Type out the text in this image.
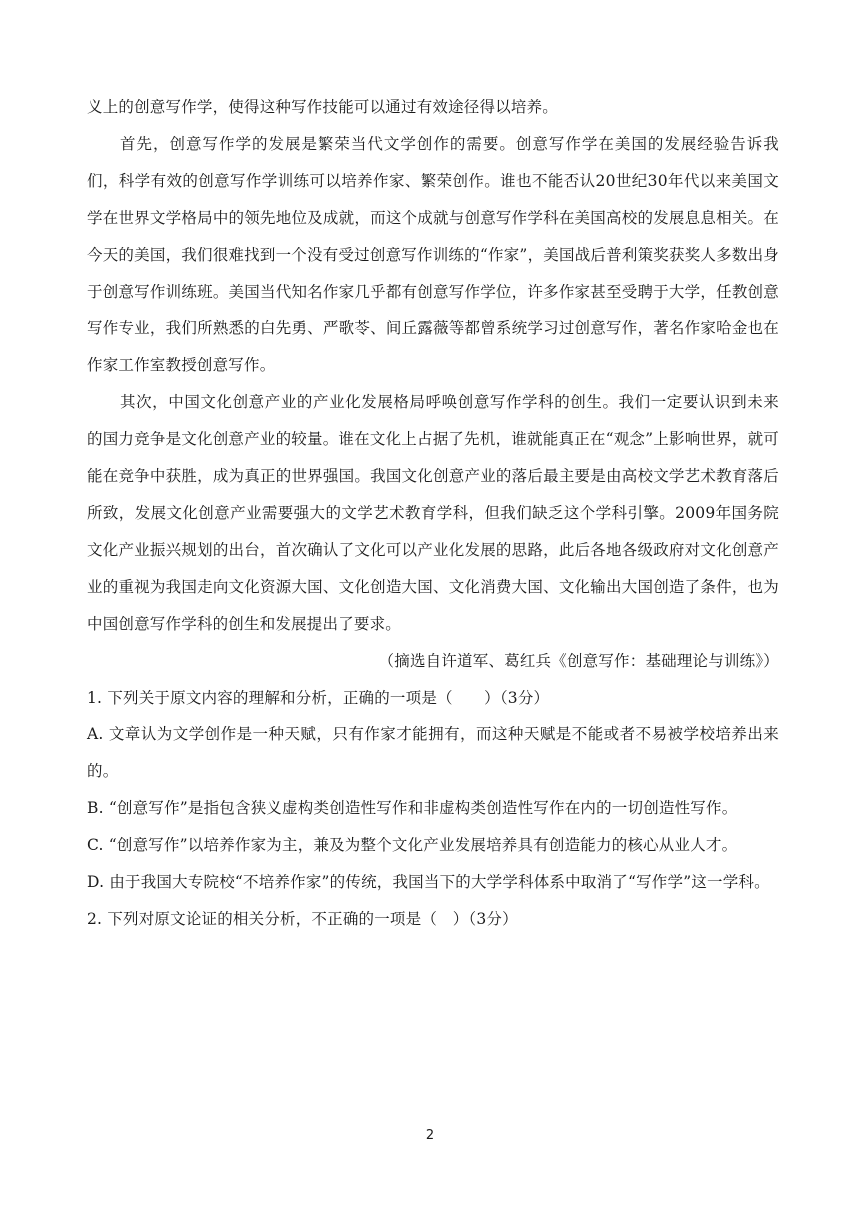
义上的创意写作学，使得这种写作技能可以通过有效途径得以培养。

首先，创意写作学的发展是繁荣当代文学创作的需要。创意写作学在美国的发展经验告诉我们，科学有效的创意写作学训练可以培养作家、繁荣创作。谁也不能否认20世纪30年代以来美国文学在世界文学格局中的领先地位及成就，而这个成就与创意写作学科在美国高校的发展息息相关。在今天的美国，我们很难找到一个没有受过创意写作训练的“作家”，美国战后普利策奖获奖人多数出身于创意写作训练班。美国当代知名作家几乎都有创意写作学位，许多作家甚至受聘于大学，任教创意写作专业，我们所熟悉的白先勇、严歌苓、间丘露薇等都曾系统学习过创意写作，著名作家哈金也在作家工作室教授创意写作。

其次，中国文化创意产业的产业化发展格局呼唤创意写作学科的创生。我们一定要认识到未来的国力竞争是文化创意产业的较量。谁在文化上占据了先机，谁就能真正在“观念”上影响世界，就可能在竞争中获胜，成为真正的世界强国。我国文化创意产业的落后最主要是由高校文学艺术教育落后所致，发展文化创意产业需要强大的文学艺术教育学科，但我们缺乏这个学科引擎。2009年国务院文化产业振兴规划的出台，首次确认了文化可以产业化发展的思路，此后各地各级政府对文化创意产业的重视为我国走向文化资源大国、文化创造大国、文化消费大国、文化输出大国创造了条件，也为中国创意写作学科的创生和发展提出了要求。

（摘选自许道军、葛红兵《创意写作：基础理论与训练》）

1. 下列关于原文内容的理解和分析，正确的一项是（　　）（3分）

A. 文章认为文学创作是一种天赋，只有作家才能拥有，而这种天赋是不能或者不易被学校培养出来的。

B. “创意写作”是指包含狭义虚构类创造性写作和非虚构类创造性写作在内的一切创造性写作。

C. “创意写作”以培养作家为主，兼及为整个文化产业发展培养具有创造能力的核心从业人才。

D. 由于我国大专院校“不培养作家”的传统，我国当下的大学学科体系中取消了“写作学”这一学科。

2. 下列对原文论证的相关分析，不正确的一项是（　）（3分）

2
